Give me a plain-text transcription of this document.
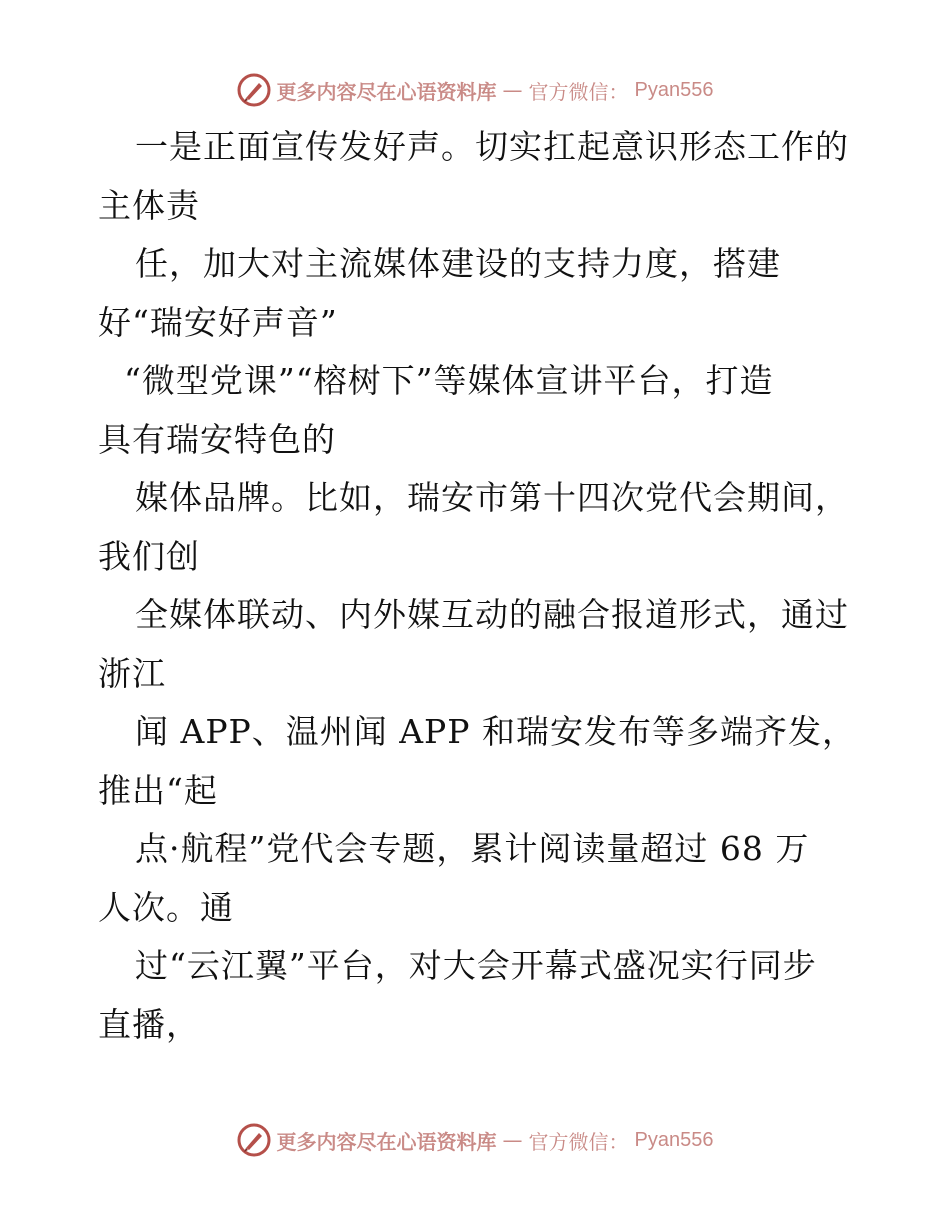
更多内容尽在心语资料库 — 官方微信： Pyan556
一是正面宣传发好声。切实扛起意识形态工作的
主体责
任，加大对主流媒体建设的支持力度，搭建
好“瑞安好声音”
“微型党课”“榕树下”等媒体宣讲平台，打造
具有瑞安特色的
媒体品牌。比如，瑞安市第十四次党代会期间，
我们创
全媒体联动、内外媒互动的融合报道形式，通过
浙江
闻 APP、温州闻 APP 和瑞安发布等多端齐发，
推出“起
点·航程”党代会专题，累计阅读量超过 68 万
人次。通
过“云江翼”平台，对大会开幕式盛况实行同步
直播，
更多内容尽在心语资料库 — 官方微信： Pyan556
